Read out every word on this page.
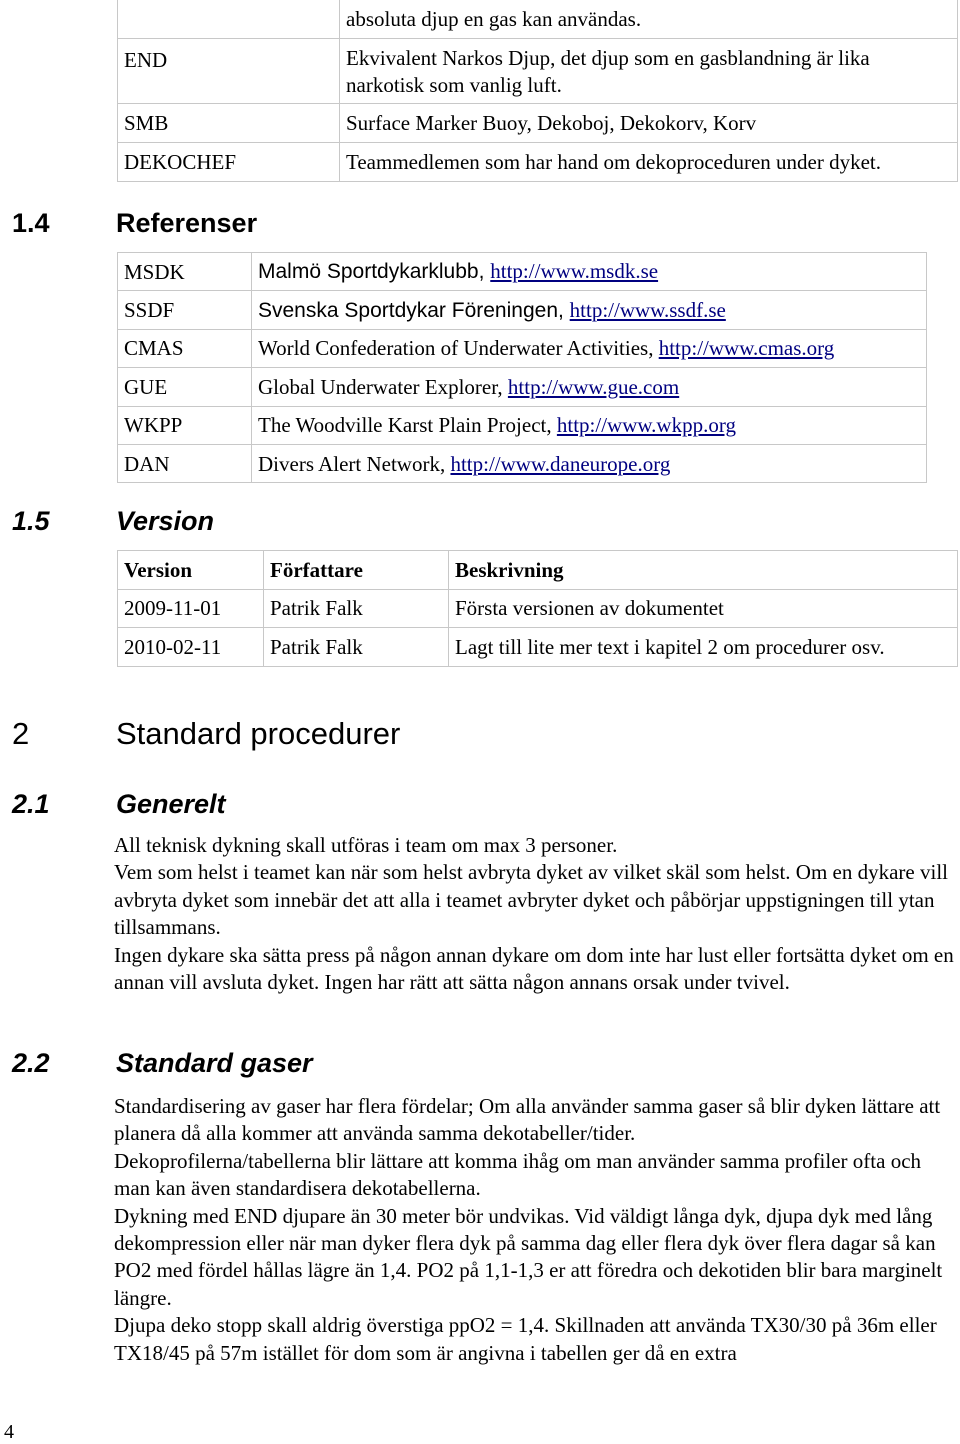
	absoluta djup en gas kan användas.
END	Ekvivalent Narkos Djup, det djup som en gasblandning är lika narkotisk som vanlig luft.
SMB	Surface Marker Buoy, Dekoboj, Dekokorv, Korv
DEKOCHEF	Teammedlemen som har hand om dekoproceduren under dyket.
1.4 Referenser
MSDK	Malmö Sportdykarklubb, http://www.msdk.se
SSDF	Svenska Sportdykar Föreningen, http://www.ssdf.se
CMAS	World Confederation of Underwater Activities, http://www.cmas.org
GUE	Global Underwater Explorer, http://www.gue.com
WKPP	The Woodville Karst Plain Project, http://www.wkpp.org
DAN	Divers Alert Network, http://www.daneurope.org
1.5 Version
Version	Författare	Beskrivning
2009-11-01	Patrik Falk	Första versionen av dokumentet
2010-02-11	Patrik Falk	Lagt till lite mer text i kapitel 2 om procedurer osv.
2	Standard procedurer
2.1 Generelt

All teknisk dykning skall utföras i team om max 3 personer.

Vem som helst i teamet kan när som helst avbryta dyket av vilket skäl som helst. Om en dykare vill avbryta dyket som innebär det att alla i teamet avbryter dyket och påbörjar uppstigningen till ytan tillsammans.

Ingen dykare ska sätta press på någon annan dykare om dom inte har lust eller fortsätta dyket om en annan vill avsluta dyket. Ingen har rätt att sätta någon annans orsak under tvivel.

2.2 Standard gaser

Standardisering av gaser har flera fördelar; Om alla använder samma gaser så blir dyken lättare att planera då alla kommer att använda samma dekotabeller/tider.

Dekoprofilerna/tabellerna blir lättare att komma ihåg om man använder samma profiler ofta och man kan även standardisera dekotabellerna.

Dykning med END djupare än 30 meter bör undvikas. Vid väldigt långa dyk, djupa dyk med lång dekompression eller när man dyker flera dyk på samma dag eller flera dyk över flera dagar så kan PO2 med fördel hållas lägre än 1,4. PO2 på 1,1-1,3 er att föredra och dekotiden blir bara marginelt längre.

Djupa deko stopp skall aldrig överstiga ppO2 = 1,4. Skillnaden att använda TX30/30 på 36m eller TX18/45 på 57m istället för dom som är angivna i tabellen ger då en extra

4
